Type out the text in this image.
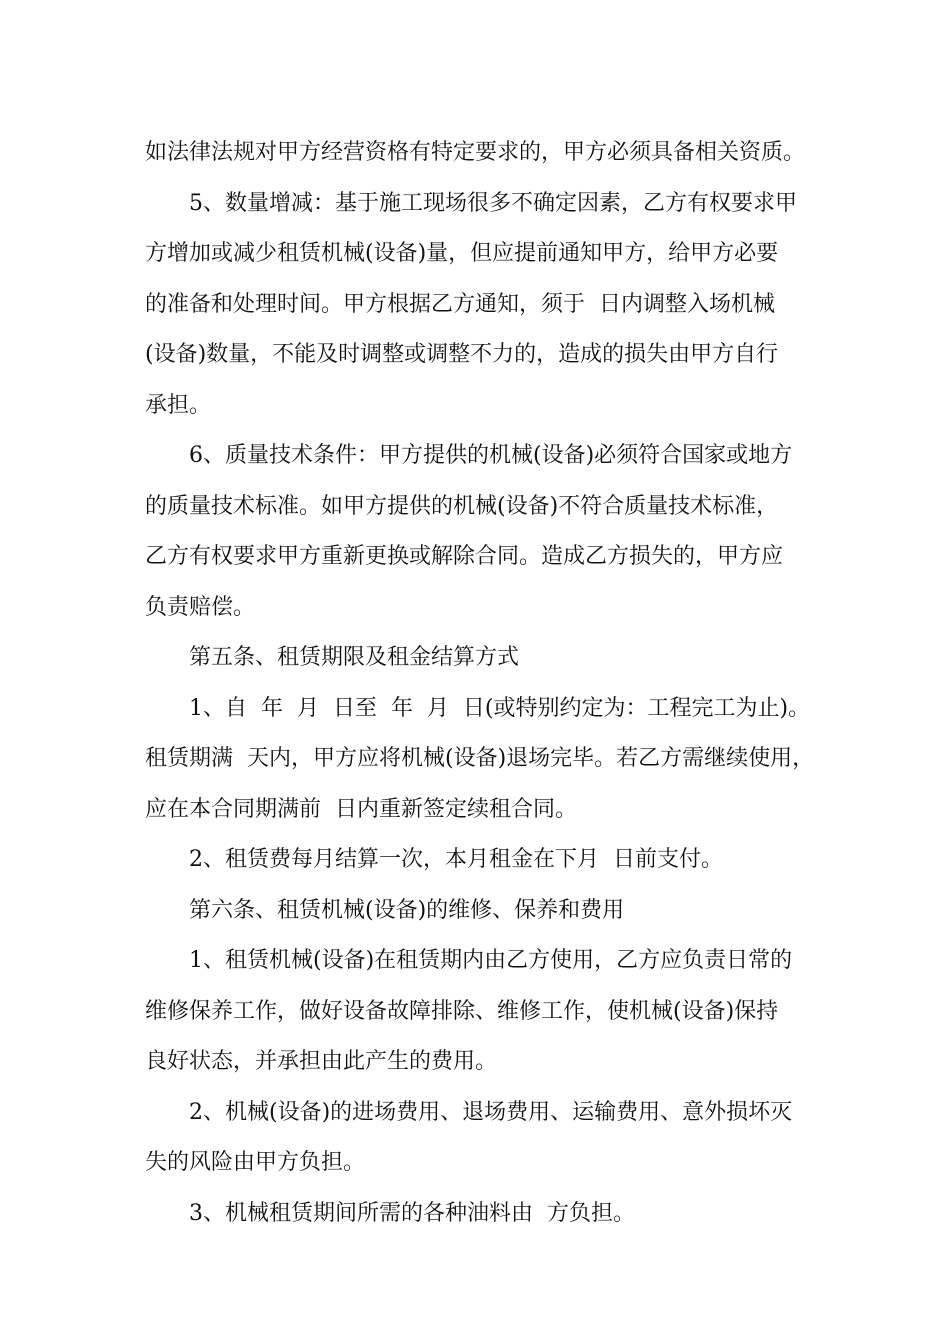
如法律法规对甲方经营资格有特定要求的，甲方必须具备相关资质。
5、数量增减：基于施工现场很多不确定因素，乙方有权要求甲
方增加或减少租赁机械(设备)量，但应提前通知甲方，给甲方必要
的准备和处理时间。甲方根据乙方通知，须于  日内调整入场机械
(设备)数量，不能及时调整或调整不力的，造成的损失由甲方自行
承担。
6、质量技术条件：甲方提供的机械(设备)必须符合国家或地方
的质量技术标准。如甲方提供的机械(设备)不符合质量技术标准，
乙方有权要求甲方重新更换或解除合同。造成乙方损失的，甲方应
负责赔偿。
第五条、租赁期限及租金结算方式
1、自  年  月  日至  年  月  日(或特别约定为：工程完工为止)。
租赁期满  天内，甲方应将机械(设备)退场完毕。若乙方需继续使用，
应在本合同期满前  日内重新签定续租合同。
2、租赁费每月结算一次，本月租金在下月  日前支付。
第六条、租赁机械(设备)的维修、保养和费用
1、租赁机械(设备)在租赁期内由乙方使用，乙方应负责日常的
维修保养工作，做好设备故障排除、维修工作，使机械(设备)保持
良好状态，并承担由此产生的费用。
2、机械(设备)的进场费用、退场费用、运输费用、意外损坏灭
失的风险由甲方负担。
3、机械租赁期间所需的各种油料由  方负担。
